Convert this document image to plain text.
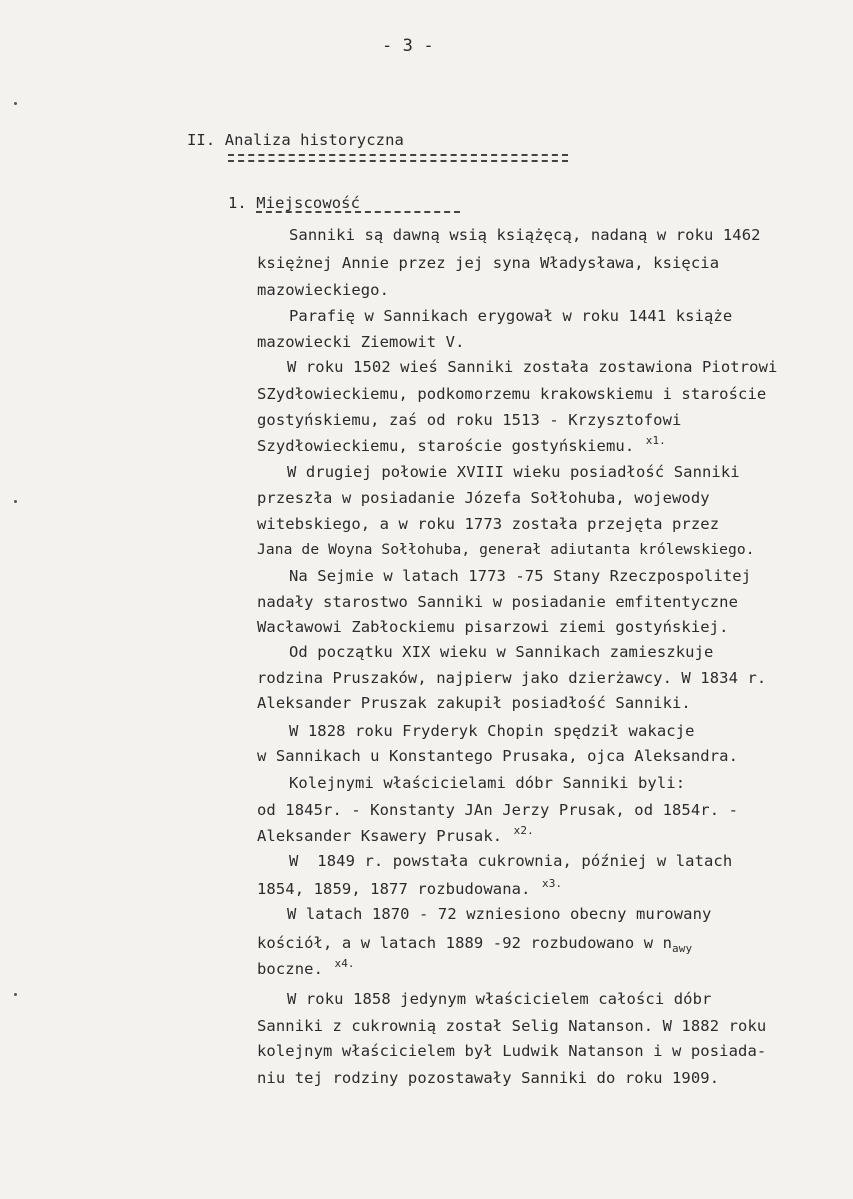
- 3 -
II. Analiza historyczna
1. Miejscowość
Sanniki są dawną wsią książęcą, nadaną w roku 1462
księżnej Annie przez jej syna Władysława, księcia
mazowieckiego.
Parafię w Sannikach erygował w roku 1441 książe
mazowiecki Ziemowit V.
W roku 1502 wieś Sanniki została zostawiona Piotrowi
SZydłowieckiemu, podkomorzemu krakowskiemu i staroście
gostyńskiemu, zaś od roku 1513 - Krzysztofowi
Szydłowieckiemu, staroście gostyńskiemu. $^{x1.}$
W drugiej połowie XVIII wieku posiadłość Sanniki
przeszła w posiadanie Józefa Sołłohuba, wojewody
witebskiego, a w roku 1773 została przejęta przez
Jana de Woyna Sołłohuba, generał adiutanta królewskiego.
Na Sejmie w latach 1773 -75 Stany Rzeczpospolitej
nadały starostwo Sanniki w posiadanie emfitentyczne
Wacławowi Zabłockiemu pisarzowi ziemi gostyńskiej.
Od początku XIX wieku w Sannikach zamieszkuje
rodzina Pruszaków, najpierw jako dzierżawcy. W 1834 r.
Aleksander Pruszak zakupił posiadłość Sanniki.
W 1828 roku Fryderyk Chopin spędził wakacje
w Sannikach u Konstantego Prusaka, ojca Aleksandra.
Kolejnymi właścicielami dóbr Sanniki byli:
od 1845r. - Konstanty JAn Jerzy Prusak, od 1854r. -
Aleksander Ksawery Prusak. $^{x2.}$
W  1849 r. powstała cukrownia, później w latach
1854, 1859, 1877 rozbudowana. $^{x3.}$
W latach 1870 - 72 wzniesiono obecny murowany
kościół, a w latach 1889 -92 rozbudowano w $n_{awy}$
boczne. $^{x4.}$
W roku 1858 jedynym właścicielem całości dóbr
Sanniki z cukrownią został Selig Natanson. W 1882 roku
kolejnym właścicielem był Ludwik Natanson i w posiada-
niu tej rodziny pozostawały Sanniki do roku 1909.
